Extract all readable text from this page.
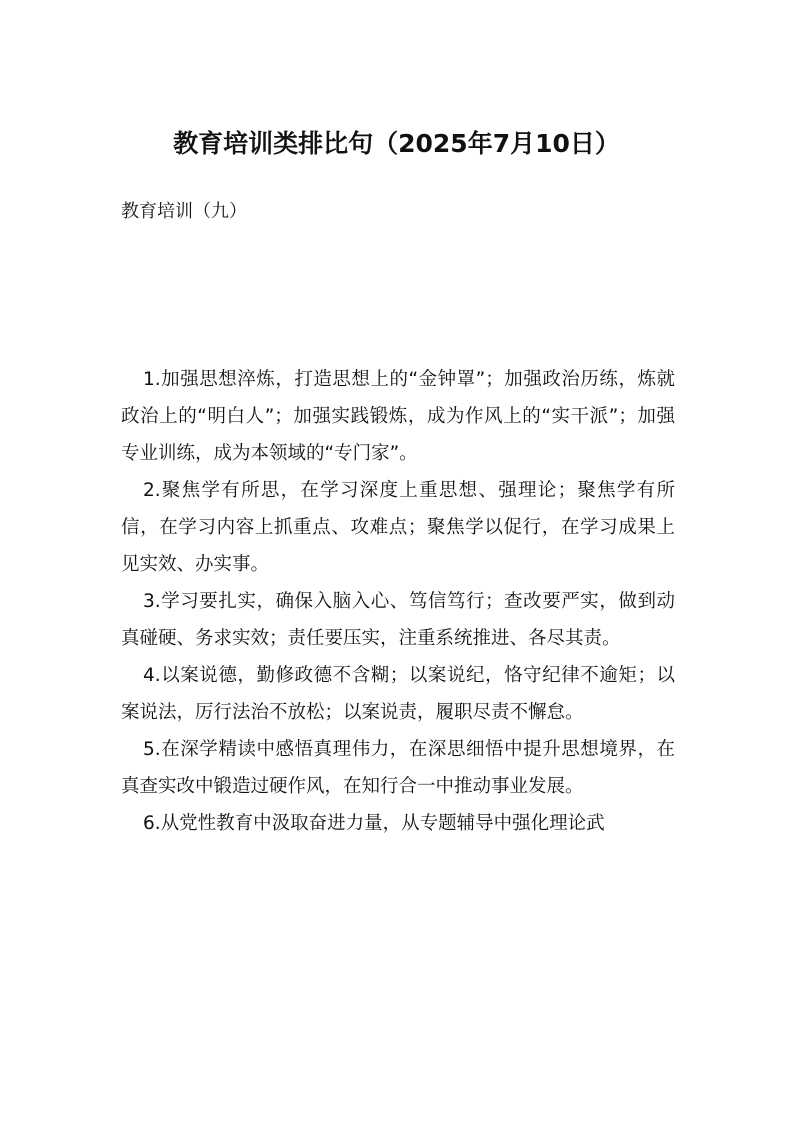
教育培训类排比句（2025年7月10日）

教育培训（九）

1.加强思想淬炼，打造思想上的“金钟罩”；加强政治历练，炼就政治上的“明白人”；加强实践锻炼，成为作风上的“实干派”；加强专业训练，成为本领域的“专门家”。

2.聚焦学有所思，在学习深度上重思想、强理论；聚焦学有所信，在学习内容上抓重点、攻难点；聚焦学以促行，在学习成果上见实效、办实事。

3.学习要扎实，确保入脑入心、笃信笃行；查改要严实，做到动真碰硬、务求实效；责任要压实，注重系统推进、各尽其责。

4.以案说德，勤修政德不含糊；以案说纪，恪守纪律不逾矩；以案说法，厉行法治不放松；以案说责，履职尽责不懈怠。

5.在深学精读中感悟真理伟力，在深思细悟中提升思想境界，在真查实改中锻造过硬作风，在知行合一中推动事业发展。

6.从党性教育中汲取奋进力量，从专题辅导中强化理论武
